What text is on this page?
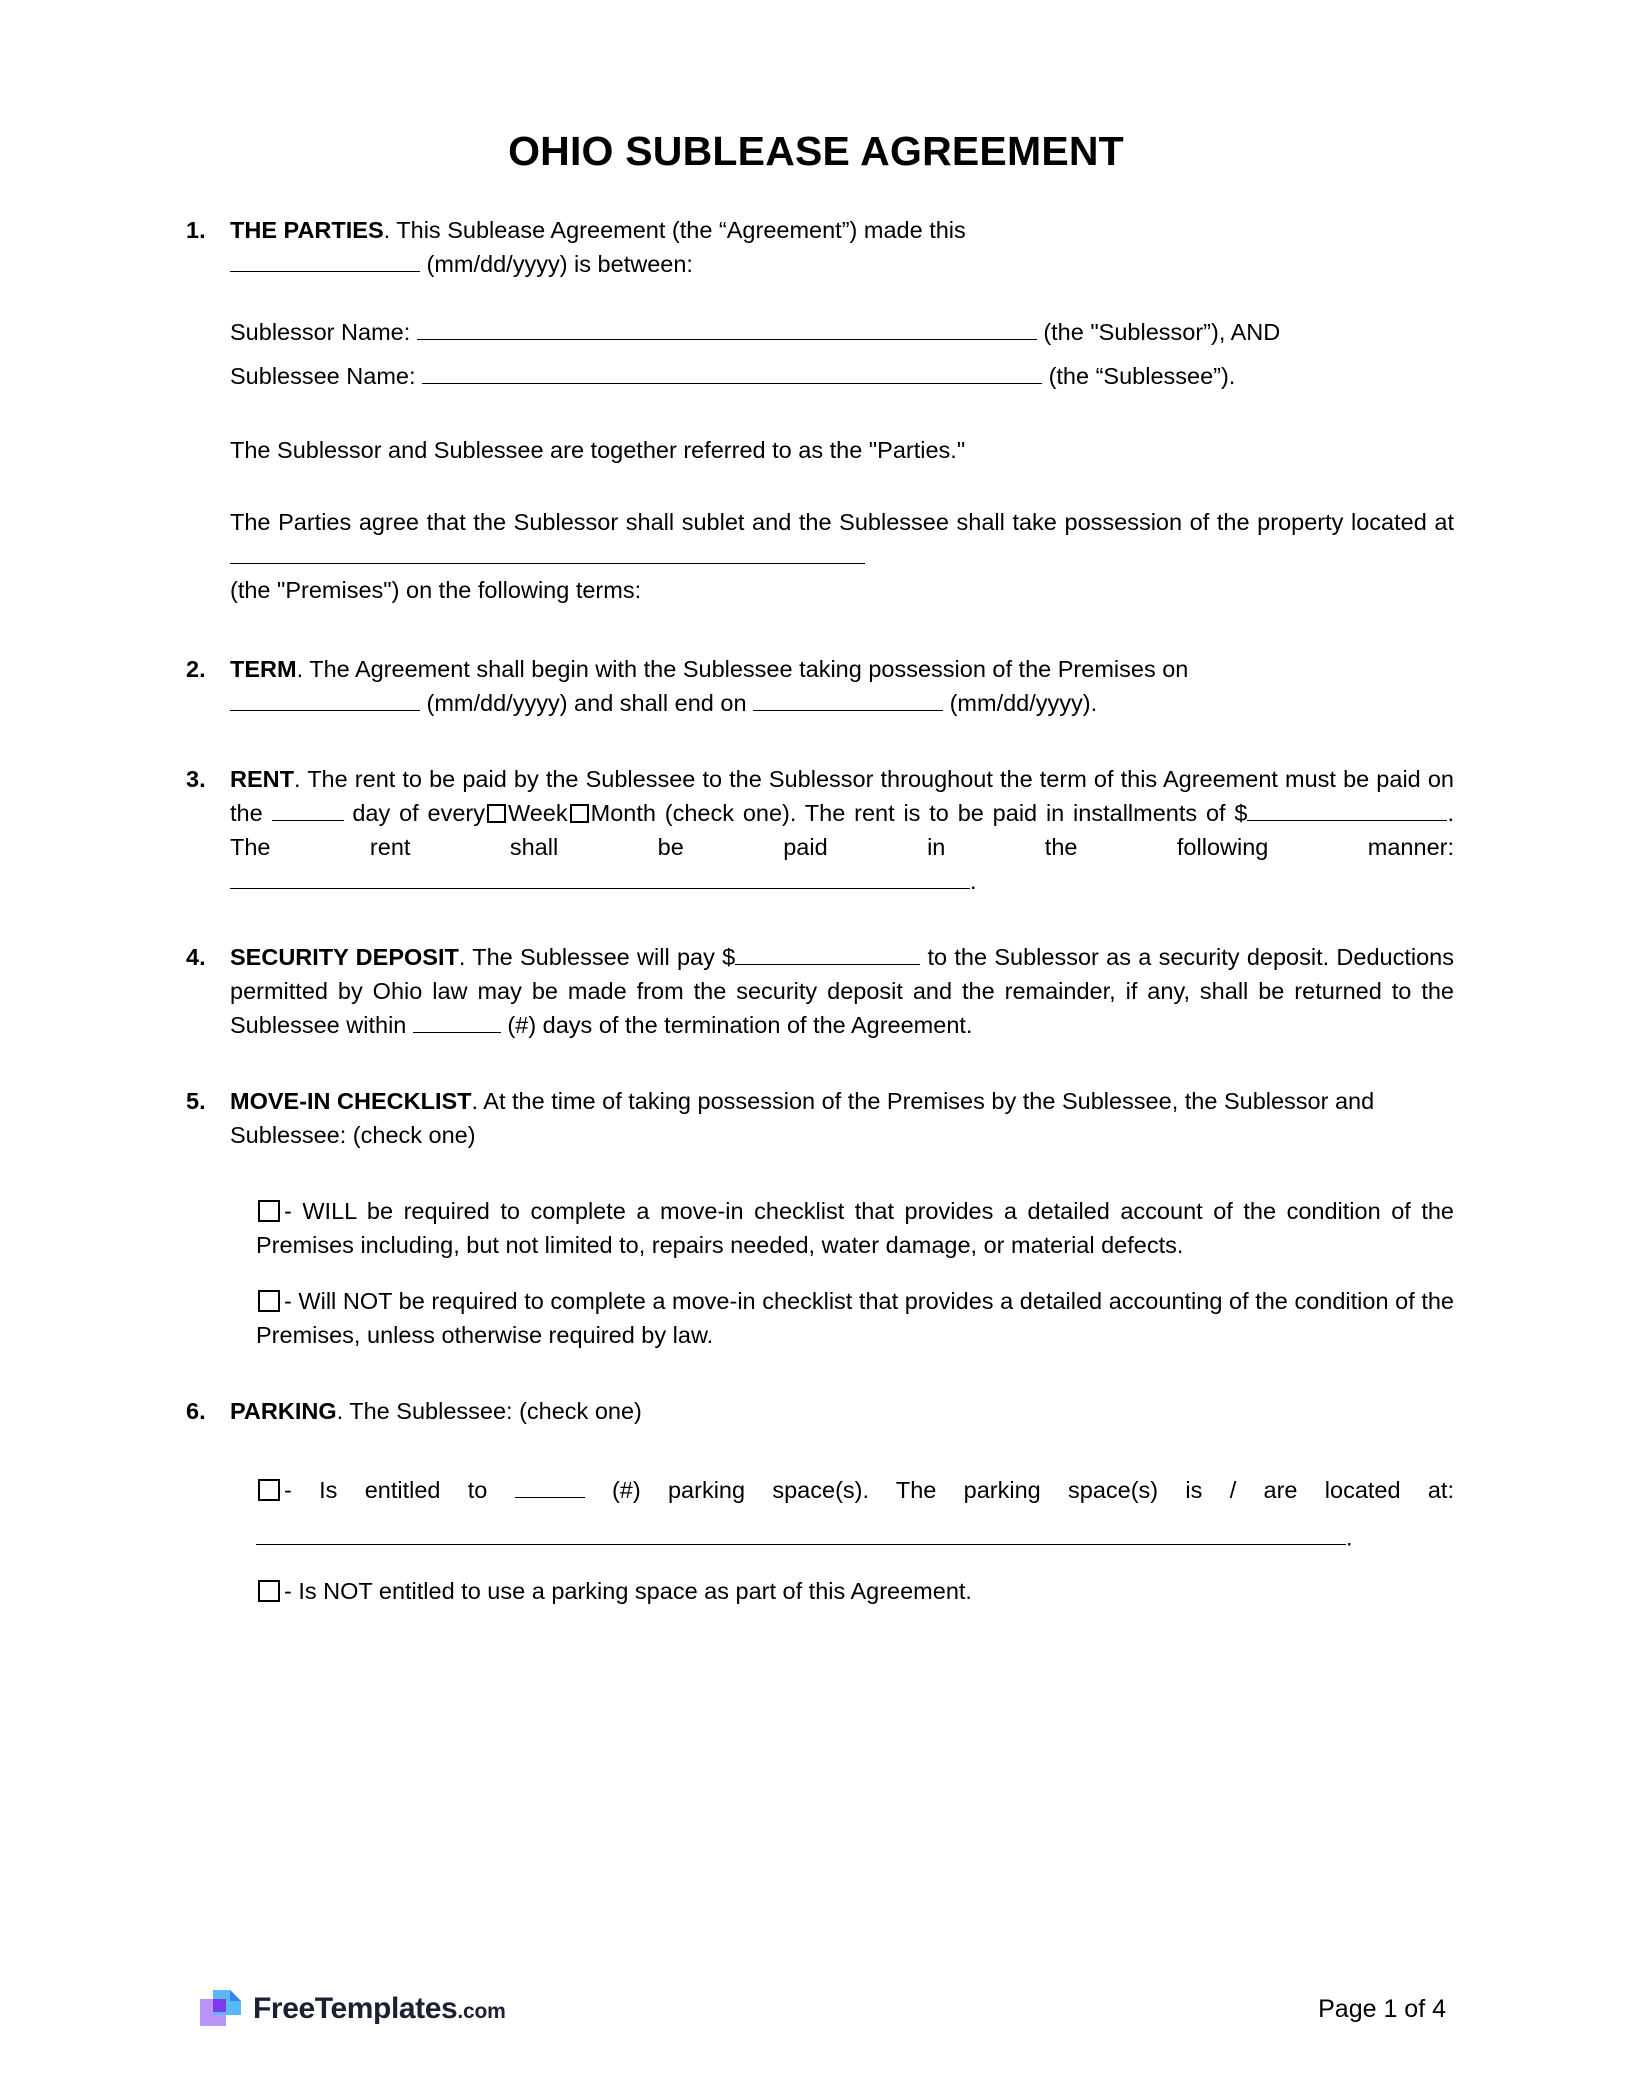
OHIO SUBLEASE AGREEMENT
1.	THE PARTIES. This Sublease Agreement (the “Agreement”) made this
(mm/dd/yyyy) is between:
Sublessor Name:	(the "Sublessor”), AND
Sublessee Name:	(the “Sublessee”).
The Sublessor and Sublessee are together referred to as the "Parties."
The Parties agree that the Sublessor shall sublet and the Sublessee shall take possession of the property located at
(the "Premises") on the following terms:
2.	TERM. The Agreement shall begin with the Sublessee taking possession of the Premises on
(mm/dd/yyyy) and shall end on	(mm/dd/yyyy).
3.	RENT. The rent to be paid by the Sublessee to the Sublessor throughout the term of this Agreement must be paid on the	day of every Week Month (check one). The rent is to be paid in installments of $	. The rent shall be paid in the following manner: .
4.	SECURITY DEPOSIT. The Sublessee will pay $	to the Sublessor as a security deposit. Deductions permitted by Ohio law may be made from the security deposit and the remainder, if any, shall be returned to the Sublessee within	(#) days of the termination of the Agreement.
5.	MOVE-IN CHECKLIST. At the time of taking possession of the Premises by the Sublessee, the Sublessor and Sublessee: (check one)
- WILL be required to complete a move-in checklist that provides a detailed account of the condition of the Premises including, but not limited to, repairs needed, water damage, or material defects.
- Will NOT be required to complete a move-in checklist that provides a detailed accounting of the condition of the Premises, unless otherwise required by law.
6.	PARKING. The Sublessee: (check one)
- Is entitled to	(#) parking space(s). The parking space(s) is / are located at: .
- Is NOT entitled to use a parking space as part of this Agreement.
FreeTemplates.com	Page 1 of 4
